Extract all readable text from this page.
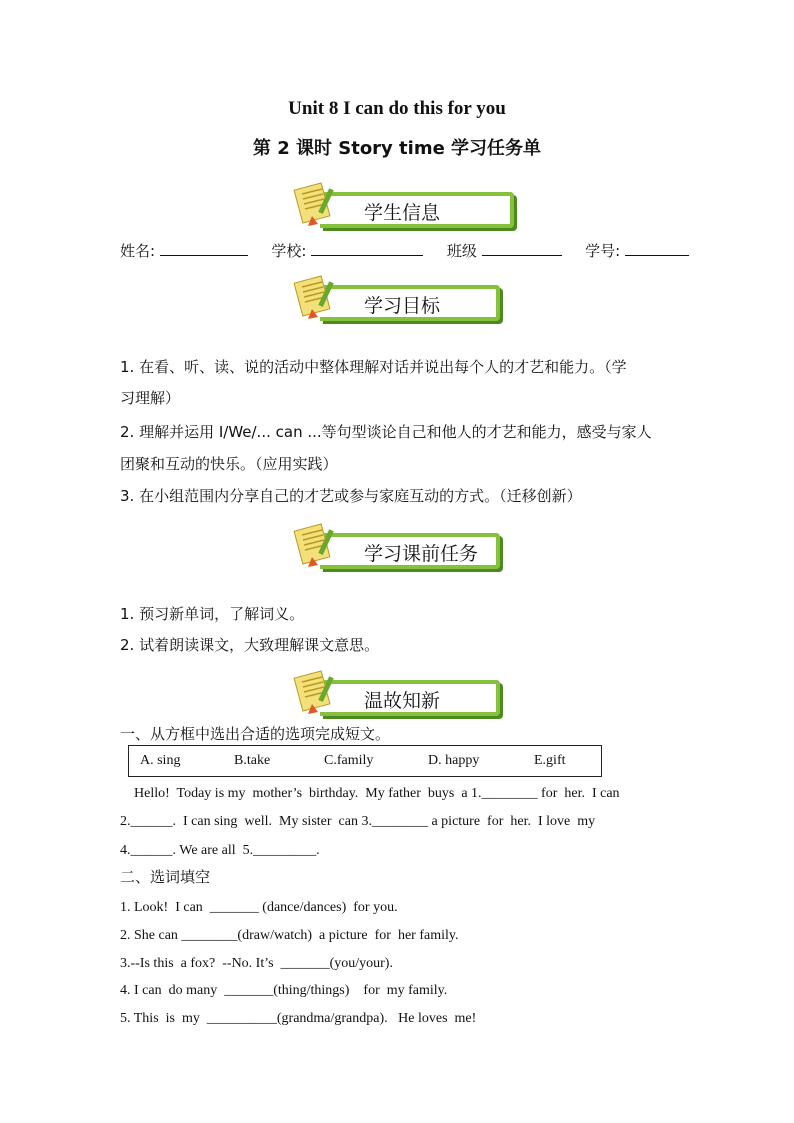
Unit 8 I can do this for you
第 2 课时 Story time 学习任务单
学生信息
姓名:	学校:	班级	学号:
学习目标
1. 在看、听、读、说的活动中整体理解对话并说出每个人的才艺和能力。（学
习理解）
2. 理解并运用 I/We/... can ...等句型谈论自己和他人的才艺和能力，感受与家人
团聚和互动的快乐。（应用实践）
3. 在小组范围内分享自己的才艺或参与家庭互动的方式。（迁移创新）
学习课前任务
1. 预习新单词，了解词义。
2. 试着朗读课文，大致理解课文意思。
温故知新
一、从方框中选出合适的选项完成短文。
A. sing	B.take	C.family	D. happy	E.gift
Hello!  Today is my  mother’s  birthday.  My father  buys  a 1.________ for  her.  I can
2.______.  I can sing  well.  My sister  can 3.________ a picture  for  her.  I love  my
4.______. We are all  5._________.
二、选词填空
1. Look!  I can  _______ (dance/dances)  for you.
2. She can ________(draw/watch)  a picture  for  her family.
3.--Is this  a fox?  --No. It’s  _______(you/your).
4. I can  do many  _______(thing/things)    for  my family.
5. This  is  my  __________(grandma/grandpa).   He loves  me!
